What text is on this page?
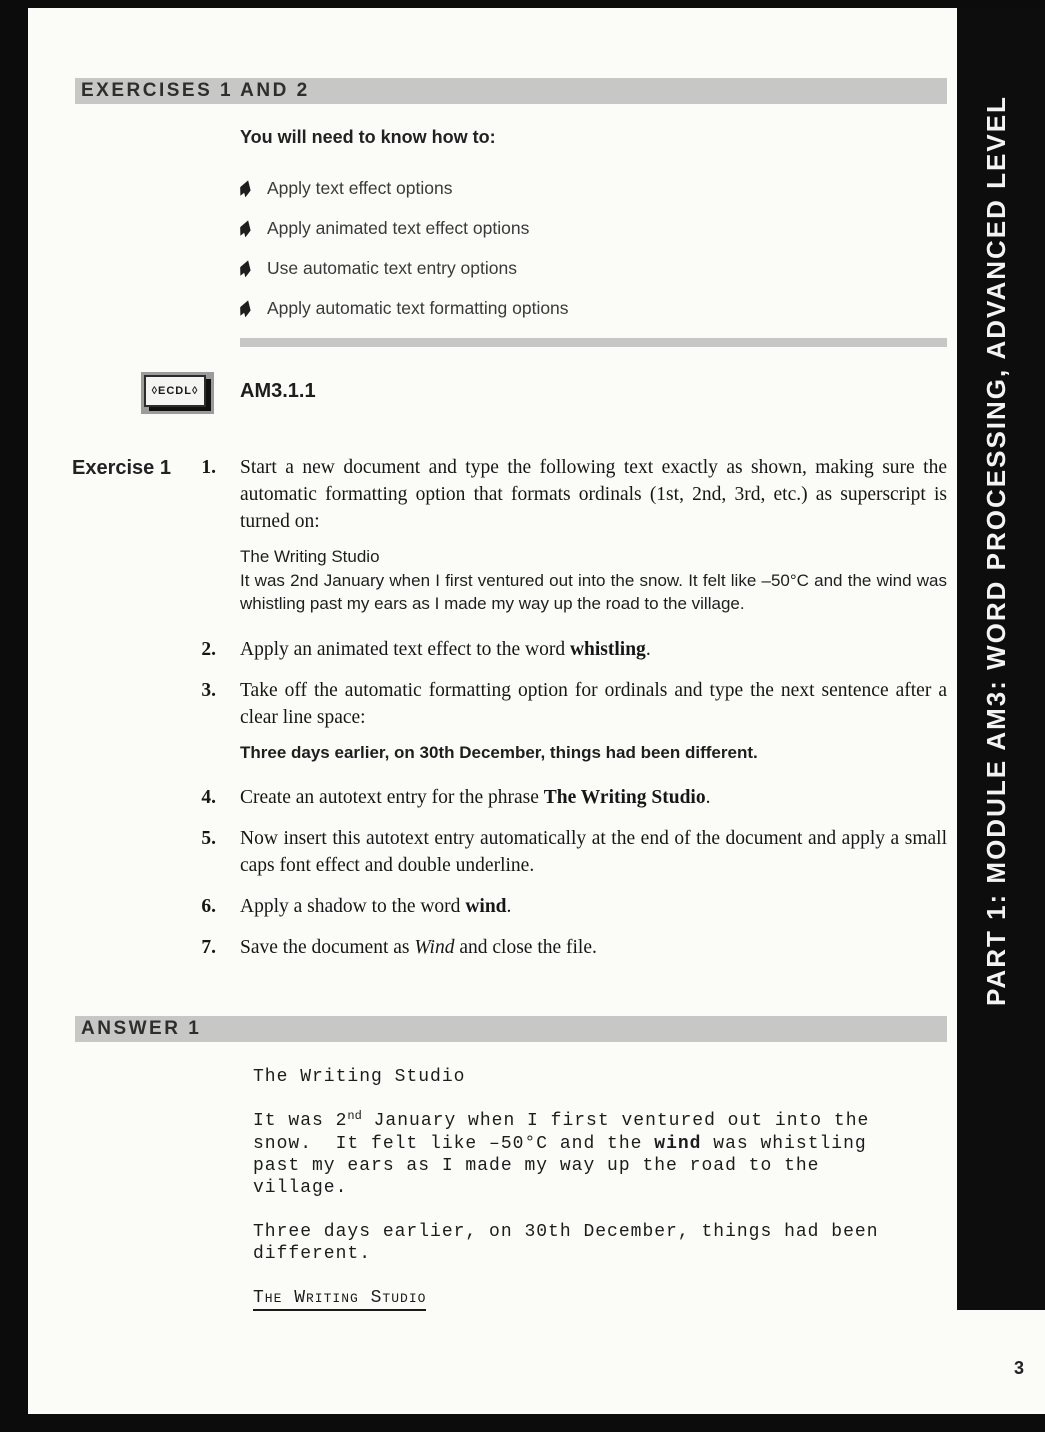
EXERCISES 1 AND 2
You will need to know how to:
Apply text effect options
Apply animated text effect options
Use automatic text entry options
Apply automatic text formatting options
◊ECDL◊ AM3.1.1
Exercise 1	1.	Start a new document and type the following text exactly as shown, making sure the automatic formatting option that formats ordinals (1st, 2nd, 3rd, etc.) as superscript is turned on:
The Writing Studio
It was 2nd January when I first ventured out into the snow. It felt like –50°C and the wind was whistling past my ears as I made my way up the road to the village.
2.	Apply an animated text effect to the word whistling.
3.	Take off the automatic formatting option for ordinals and type the next sentence after a clear line space:
Three days earlier, on 30th December, things had been different.
4.	Create an autotext entry for the phrase The Writing Studio.
5.	Now insert this autotext entry automatically at the end of the document and apply a small caps font effect and double underline.
6.	Apply a shadow to the word wind.
7.	Save the document as Wind and close the file.
ANSWER 1
The Writing Studio

It was 2nd January when I first ventured out into the
snow.  It felt like –50°C and the wind was whistling
past my ears as I made my way up the road to the
village.

Three days earlier, on 30th December, things had been
different.

The Writing Studio
3
PART 1: MODULE AM3: WORD PROCESSING, ADVANCED LEVEL
